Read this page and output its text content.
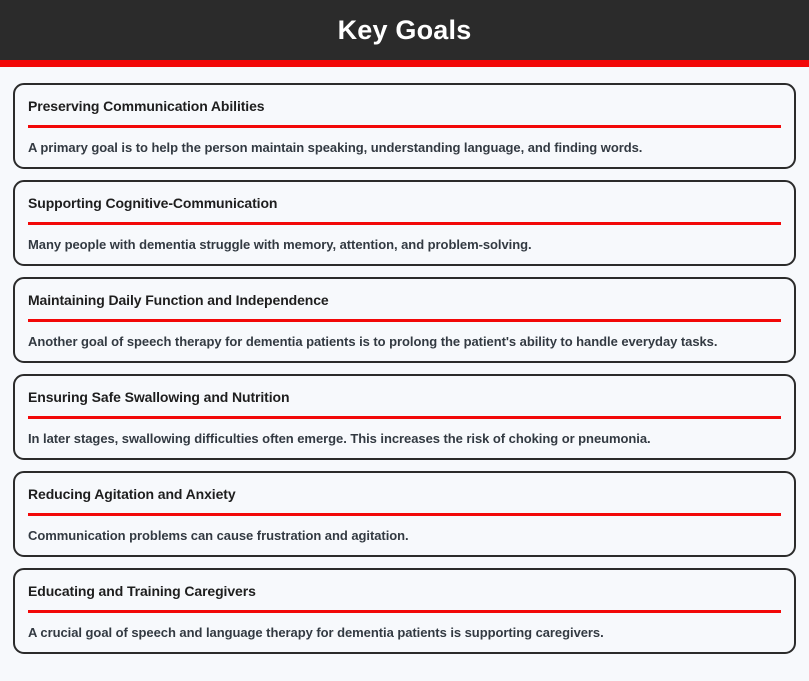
Key Goals
Preserving Communication Abilities
A primary goal is to help the person maintain speaking, understanding language, and finding words.
Supporting Cognitive-Communication
Many people with dementia struggle with memory, attention, and problem-solving.
Maintaining Daily Function and Independence
Another goal of speech therapy for dementia patients is to prolong the patient's ability to handle everyday tasks.
Ensuring Safe Swallowing and Nutrition
In later stages, swallowing difficulties often emerge. This increases the risk of choking or pneumonia.
Reducing Agitation and Anxiety
Communication problems can cause frustration and agitation.
Educating and Training Caregivers
A crucial goal of speech and language therapy for dementia patients is supporting caregivers.
